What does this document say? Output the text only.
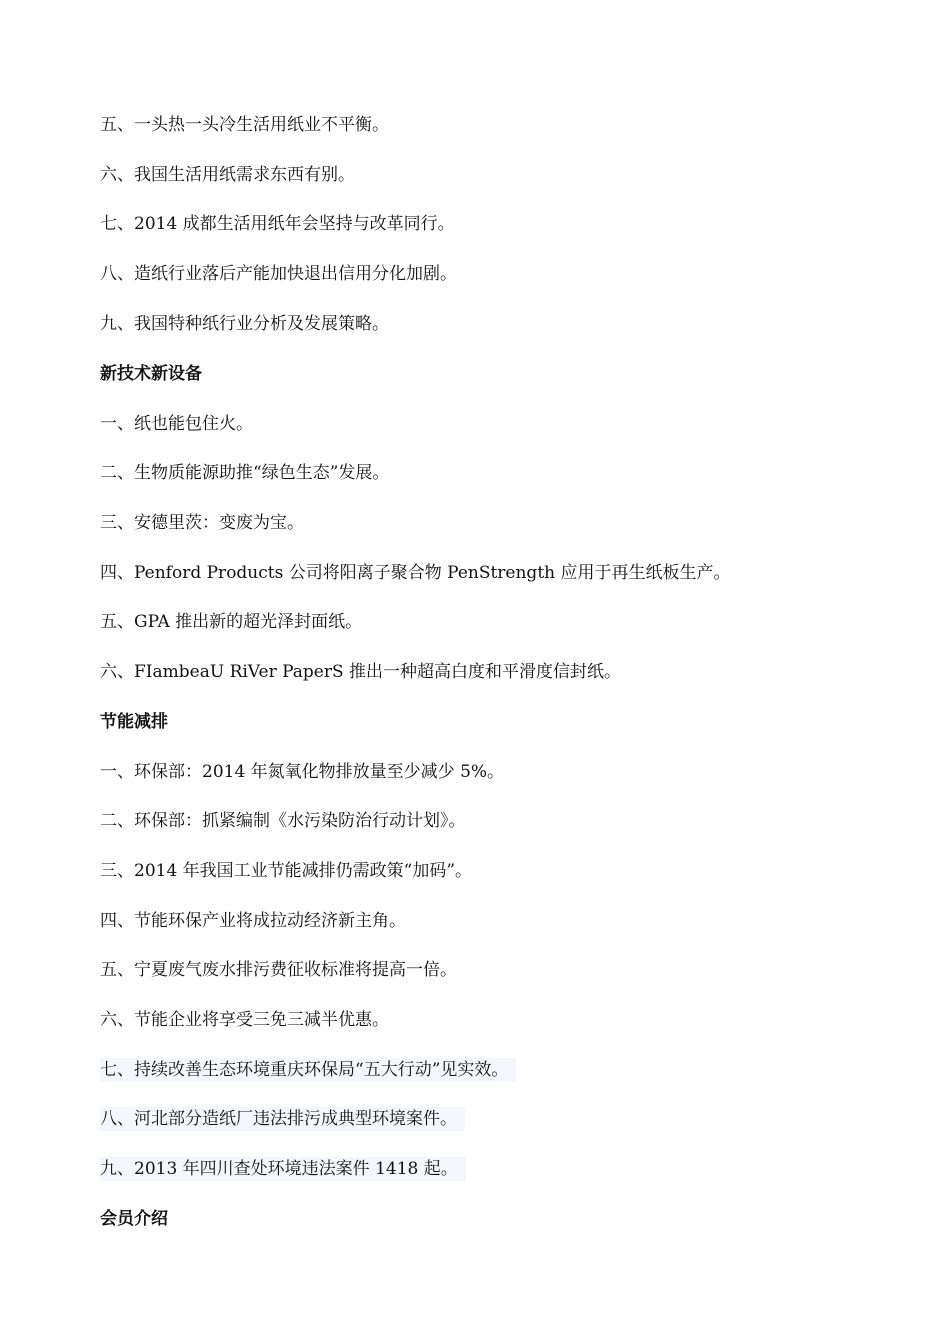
五、一头热一头冷生活用纸业不平衡。
六、我国生活用纸需求东西有别。
七、2014 成都生活用纸年会坚持与改革同行。
八、造纸行业落后产能加快退出信用分化加剧。
九、我国特种纸行业分析及发展策略。
新技术新设备
一、纸也能包住火。
二、生物质能源助推“绿色生态”发展。
三、安德里茨：变废为宝。
四、Penford Products 公司将阳离子聚合物 PenStrength 应用于再生纸板生产。
五、GPA 推出新的超光泽封面纸。
六、FIambeaU RiVer PaperS 推出一种超高白度和平滑度信封纸。
节能减排
一、环保部：2014 年氮氧化物排放量至少减少 5%。
二、环保部：抓紧编制《水污染防治行动计划》。
三、2014 年我国工业节能减排仍需政策“加码”。
四、节能环保产业将成拉动经济新主角。
五、宁夏废气废水排污费征收标准将提高一倍。
六、节能企业将享受三免三减半优惠。
七、持续改善生态环境重庆环保局“五大行动”见实效。
八、河北部分造纸厂违法排污成典型环境案件。
九、2013 年四川查处环境违法案件 1418 起。
会员介绍
